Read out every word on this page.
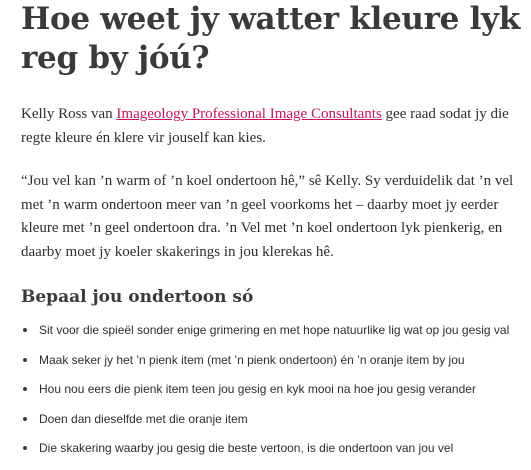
Hoe weet jy watter kleure lyk reg by jóú?

Kelly Ross van Imageology Professional Image Consultants gee raad sodat jy die regte kleure én klere vir jouself kan kies.

“Jou vel kan ’n warm of ’n koel ondertoon hê,” sê Kelly. Sy verduidelik dat ’n vel met ’n warm ondertoon meer van ’n geel voorkoms het – daarby moet jy eerder kleure met ’n geel ondertoon dra. ’n Vel met ’n koel ondertoon lyk pienkerig, en daarby moet jy koeler skakerings in jou klerekas hê.

Bepaal jou ondertoon só
Sit voor die spieël sonder enige grimering en met hope natuurlike lig wat op jou gesig val
Maak seker jy het ’n pienk item (met ’n pienk ondertoon) én ’n oranje item by jou
Hou nou eers die pienk item teen jou gesig en kyk mooi na hoe jou gesig verander
Doen dan dieselfde met die oranje item
Die skakering waarby jou gesig die beste vertoon, is die ondertoon van jou vel
